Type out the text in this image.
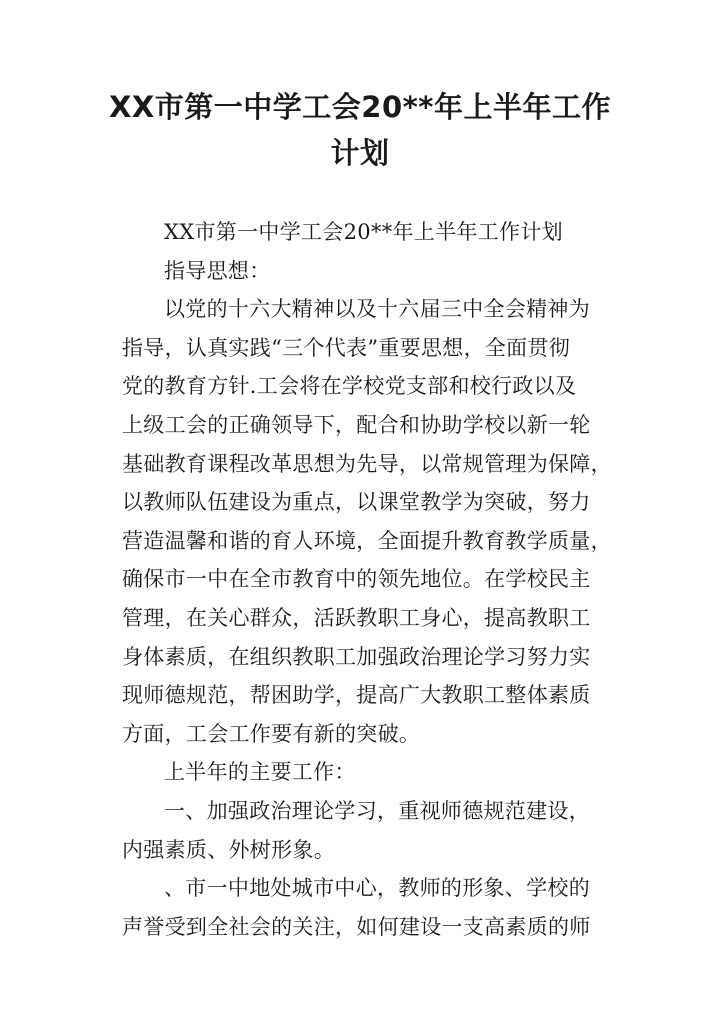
XX市第一中学工会20**年上半年工作
计划
XX市第一中学工会20**年上半年工作计划
指导思想：
以党的十六大精神以及十六届三中全会精神为
指导，认真实践“三个代表”重要思想，全面贯彻
党的教育方针.工会将在学校党支部和校行政以及
上级工会的正确领导下，配合和协助学校以新一轮
基础教育课程改革思想为先导，以常规管理为保障，
以教师队伍建设为重点，以课堂教学为突破，努力
营造温馨和谐的育人环境，全面提升教育教学质量，
确保市一中在全市教育中的领先地位。在学校民主
管理，在关心群众，活跃教职工身心，提高教职工
身体素质，在组织教职工加强政治理论学习努力实
现师德规范，帮困助学，提高广大教职工整体素质
方面，工会工作要有新的突破。
上半年的主要工作：
一、加强政治理论学习，重视师德规范建设，
内强素质、外树形象。
、市一中地处城市中心，教师的形象、学校的
声誉受到全社会的关注，如何建设一支高素质的师
